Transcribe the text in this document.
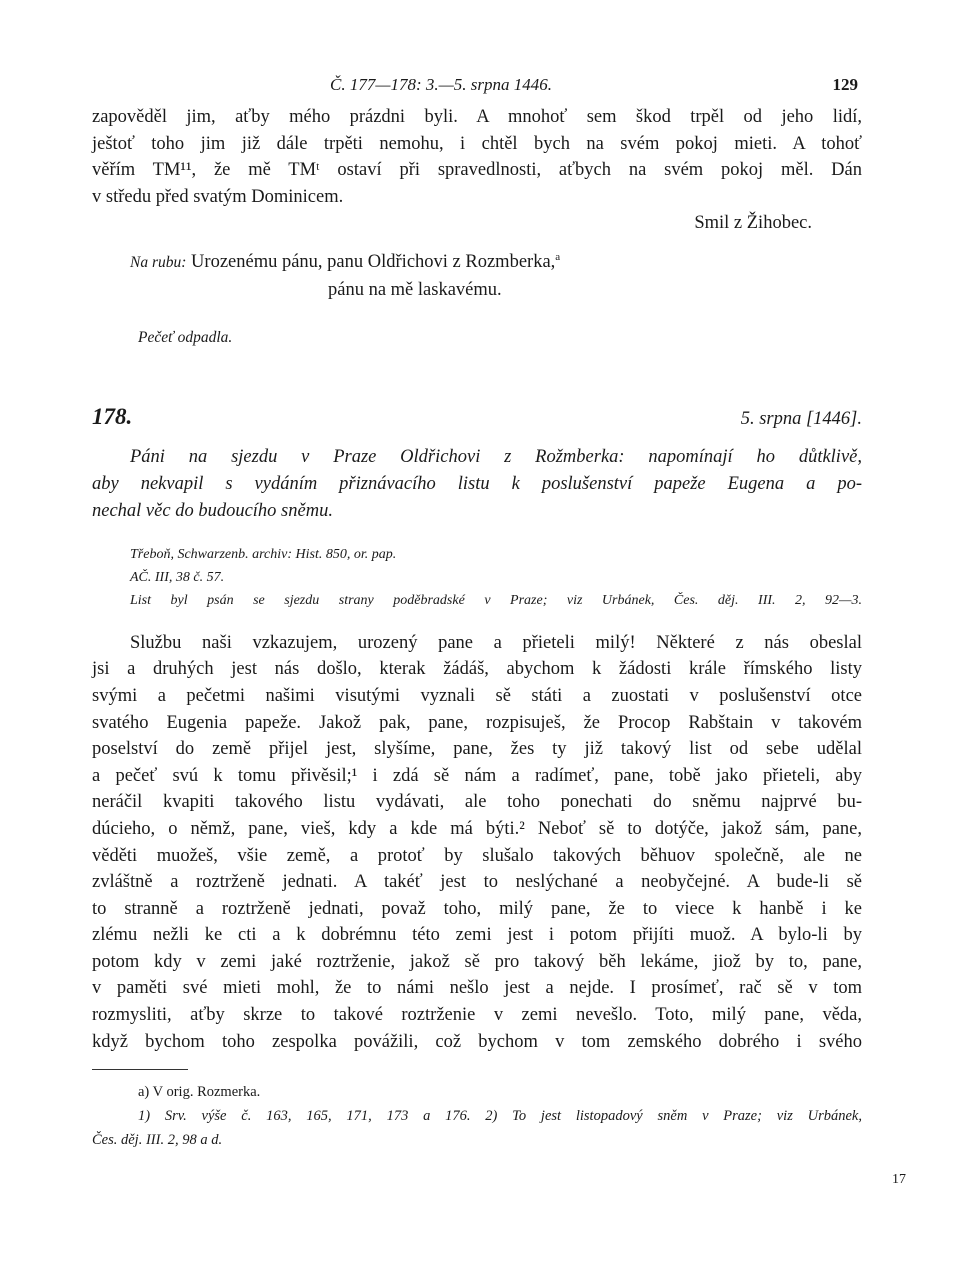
Č. 177—178: 3.—5. srpna 1446.	129
zapověděl jim, aťby mého prázdni byli. A mnohoť sem škod trpěl od jeho lidí,
ještoť toho jim již dále trpěti nemohu, i chtěl bych na svém pokoj mieti. A tohoť
věřím TM¹¹, že mě TMᵗ ostaví při spravedlnosti, aťbych na svém pokoj měl. Dán
v středu před svatým Dominicem.
Smil z Žihobec.
Na rubu: Urozenému pánu, panu Oldřichovi z Rozmberka,$^a$
pánu na mě laskavému.
Pečeť odpadla.
178.	5. srpna [1446].
Páni na sjezdu v Praze Oldřichovi z Rožmberka: napomínají ho důtklivě,
aby nekvapil s vydáním přiznávacího listu k poslušenství papeže Eugena a po-
nechal věc do budoucího sněmu.
Třeboň, Schwarzenb. archiv: Hist. 850, or. pap.
AČ. III, 38 č. 57.
List byl psán se sjezdu strany poděbradské v Praze; viz Urbánek, Čes. děj. III. 2, 92—3.
Službu naši vzkazujem, urozený pane a přieteli milý! Některé z nás obeslal
jsi a druhých jest nás došlo, kterak žádáš, abychom k žádosti krále římského listy
svými a pečetmi našimi visutými vyznali sě státi a zuostati v poslušenství otce
svatého Eugenia papeže. Jakož pak, pane, rozpisuješ, že Procop Rabštain v takovém
poselství do země přijel jest, slyšíme, pane, žes ty již takový list od sebe udělal
a pečeť svú k tomu přivěsil;¹ i zdá sě nám a radímeť, pane, tobě jako přieteli, aby
neráčil kvapiti takového listu vydávati, ale toho ponechati do sněmu najprvé bu-
dúcieho, o němž, pane, vieš, kdy a kde má býti.² Neboť sě to dotýče, jakož sám, pane,
věděti muožeš, všie země, a protoť by slušalo takových běhuov společně, ale ne
zvláštně a roztrženě jednati. A takéť jest to neslýchané a neobyčejné. A bude-li sě
to stranně a roztrženě jednati, považ toho, milý pane, že to viece k hanbě i ke
zlému nežli ke cti a k dobrémnu této zemi jest i potom přijíti muož. A bylo-li by
potom kdy v zemi jaké roztrženie, jakož sě pro takový běh lekáme, jiož by to, pane,
v paměti své mieti mohl, že to námi nešlo jest a nejde. I prosímeť, rač sě v tom
rozmysliti, aťby skrze to takové roztrženie v zemi nevešlo. Toto, milý pane, věda,
když bychom toho zespolka povážili, což bychom v tom zemského dobrého i svého
a) V orig. Rozmerka.
1) Srv. výše č. 163, 165, 171, 173 a 176. 2) To jest listopadový sněm v Praze; viz Urbánek,
Čes. děj. III. 2, 98 a d.
17
